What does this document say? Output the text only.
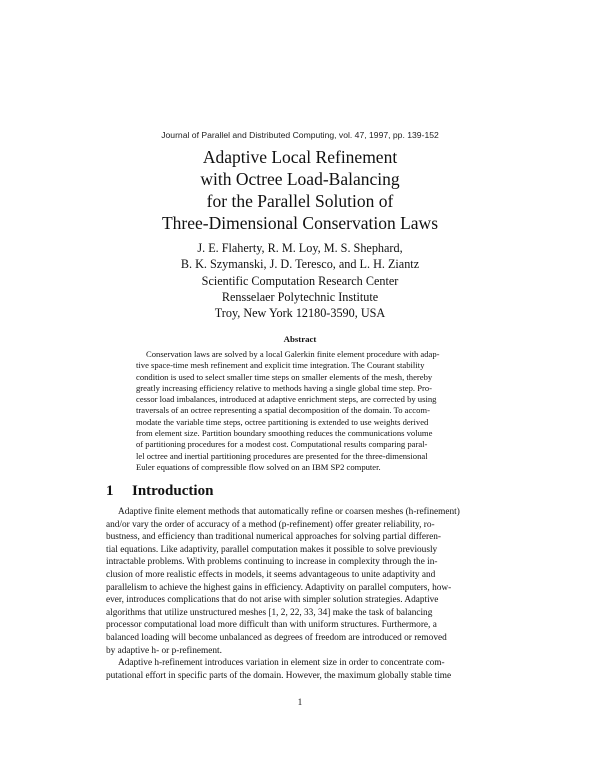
Journal of Parallel and Distributed Computing, vol. 47, 1997, pp. 139-152
Adaptive Local Refinement
with Octree Load-Balancing
for the Parallel Solution of
Three-Dimensional Conservation Laws
J. E. Flaherty, R. M. Loy, M. S. Shephard,
B. K. Szymanski, J. D. Teresco, and L. H. Ziantz
Scientific Computation Research Center
Rensselaer Polytechnic Institute
Troy, New York 12180-3590, USA
Abstract
Conservation laws are solved by a local Galerkin finite element procedure with adap-
tive space-time mesh refinement and explicit time integration. The Courant stability
condition is used to select smaller time steps on smaller elements of the mesh, thereby
greatly increasing efficiency relative to methods having a single global time step. Pro-
cessor load imbalances, introduced at adaptive enrichment steps, are corrected by using
traversals of an octree representing a spatial decomposition of the domain. To accom-
modate the variable time steps, octree partitioning is extended to use weights derived
from element size. Partition boundary smoothing reduces the communications volume
of partitioning procedures for a modest cost. Computational results comparing paral-
lel octree and inertial partitioning procedures are presented for the three-dimensional
Euler equations of compressible flow solved on an IBM SP2 computer.
1 Introduction
Adaptive finite element methods that automatically refine or coarsen meshes (h-refinement)
and/or vary the order of accuracy of a method (p-refinement) offer greater reliability, ro-
bustness, and efficiency than traditional numerical approaches for solving partial differen-
tial equations. Like adaptivity, parallel computation makes it possible to solve previously
intractable problems. With problems continuing to increase in complexity through the in-
clusion of more realistic effects in models, it seems advantageous to unite adaptivity and
parallelism to achieve the highest gains in efficiency. Adaptivity on parallel computers, how-
ever, introduces complications that do not arise with simpler solution strategies. Adaptive
algorithms that utilize unstructured meshes [1, 2, 22, 33, 34] make the task of balancing
processor computational load more difficult than with uniform structures. Furthermore, a
balanced loading will become unbalanced as degrees of freedom are introduced or removed
by adaptive h- or p-refinement.
Adaptive h-refinement introduces variation in element size in order to concentrate com-
putational effort in specific parts of the domain. However, the maximum globally stable time
1
